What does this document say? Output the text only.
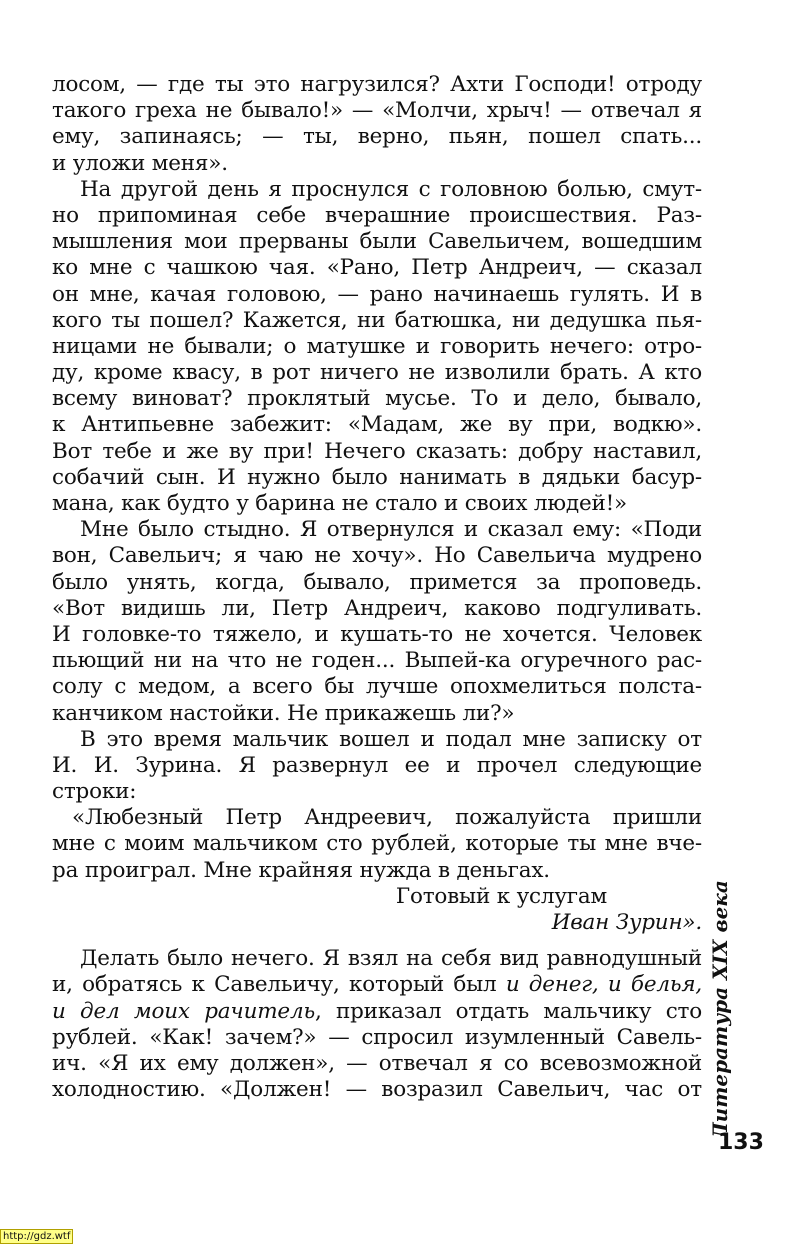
лосом, — где ты это нагрузился? Ахти Господи! отроду
такого греха не бывало!» — «Молчи, хрыч! — отвечал я
ему, запинаясь; — ты, верно, пьян, пошел спать...
и уложи меня».
На другой день я проснулся с головною болью, смут-
но припоминая себе вчерашние происшествия. Раз-
мышления мои прерваны были Савельичем, вошедшим
ко мне с чашкою чая. «Рано, Петр Андреич, — сказал
он мне, качая головою, — рано начинаешь гулять. И в
кого ты пошел? Кажется, ни батюшка, ни дедушка пья-
ницами не бывали; о матушке и говорить нечего: отро-
ду, кроме квасу, в рот ничего не изволили брать. А кто
всему виноват? проклятый мусье. То и дело, бывало,
к Антипьевне забежит: «Мадам, же ву при, водкю».
Вот тебе и же ву при! Нечего сказать: добру наставил,
собачий сын. И нужно было нанимать в дядьки басур-
мана, как будто у барина не стало и своих людей!»
Мне было стыдно. Я отвернулся и сказал ему: «Поди
вон, Савельич; я чаю не хочу». Но Савельича мудрено
было унять, когда, бывало, примется за проповедь.
«Вот видишь ли, Петр Андреич, каково подгуливать.
И головке-то тяжело, и кушать-то не хочется. Человек
пьющий ни на что не годен... Выпей-ка огуречного рас-
солу с медом, а всего бы лучше опохмелиться полста-
канчиком настойки. Не прикажешь ли?»
В это время мальчик вошел и подал мне записку от
И. И. Зурина. Я развернул ее и прочел следующие
строки:
«Любезный Петр Андреевич, пожалуйста пришли
мне с моим мальчиком сто рублей, которые ты мне вче-
ра проиграл. Мне крайняя нужда в деньгах.
Готовый к услугам
Иван Зурин».
Делать было нечего. Я взял на себя вид равнодушный
и, обратясь к Савельичу, который был и денег, и белья,
и дел моих рачитель, приказал отдать мальчику сто
рублей. «Как! зачем?» — спросил изумленный Савель-
ич. «Я их ему должен», — отвечал я со всевозможной
холодностию. «Должен! — возразил Савельич, час от Литература XIX века
133
http://gdz.wtf
